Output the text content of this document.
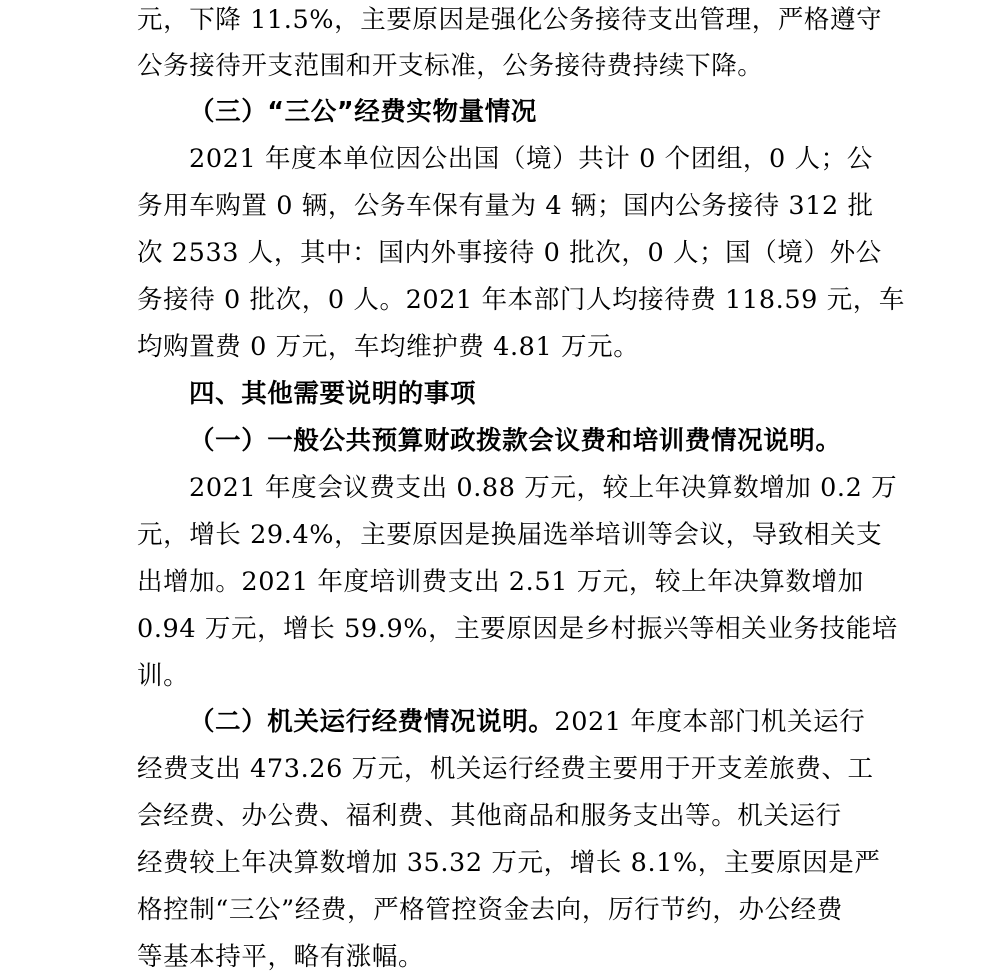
元，下降 11.5%，主要原因是强化公务接待支出管理，严格遵守
公务接待开支范围和开支标准，公务接待费持续下降。
（三）“三公”经费实物量情况
2021 年度本单位因公出国（境）共计 0 个团组，0 人；公
务用车购置 0 辆，公务车保有量为 4 辆；国内公务接待 312 批
次 2533 人，其中：国内外事接待 0 批次，0 人；国（境）外公
务接待 0 批次，0 人。2021 年本部门人均接待费 118.59 元，车
均购置费 0 万元，车均维护费 4.81 万元。
四、其他需要说明的事项
（一）一般公共预算财政拨款会议费和培训费情况说明。
2021 年度会议费支出 0.88 万元，较上年决算数增加 0.2 万
元，增长 29.4%，主要原因是换届选举培训等会议，导致相关支
出增加。2021 年度培训费支出 2.51 万元，较上年决算数增加
0.94 万元，增长 59.9%，主要原因是乡村振兴等相关业务技能培
训。
（二）机关运行经费情况说明。2021 年度本部门机关运行
经费支出 473.26 万元，机关运行经费主要用于开支差旅费、工
会经费、办公费、福利费、其他商品和服务支出等。机关运行
经费较上年决算数增加 35.32 万元，增长 8.1%，主要原因是严
格控制“三公”经费，严格管控资金去向，厉行节约，办公经费
等基本持平，略有涨幅。
